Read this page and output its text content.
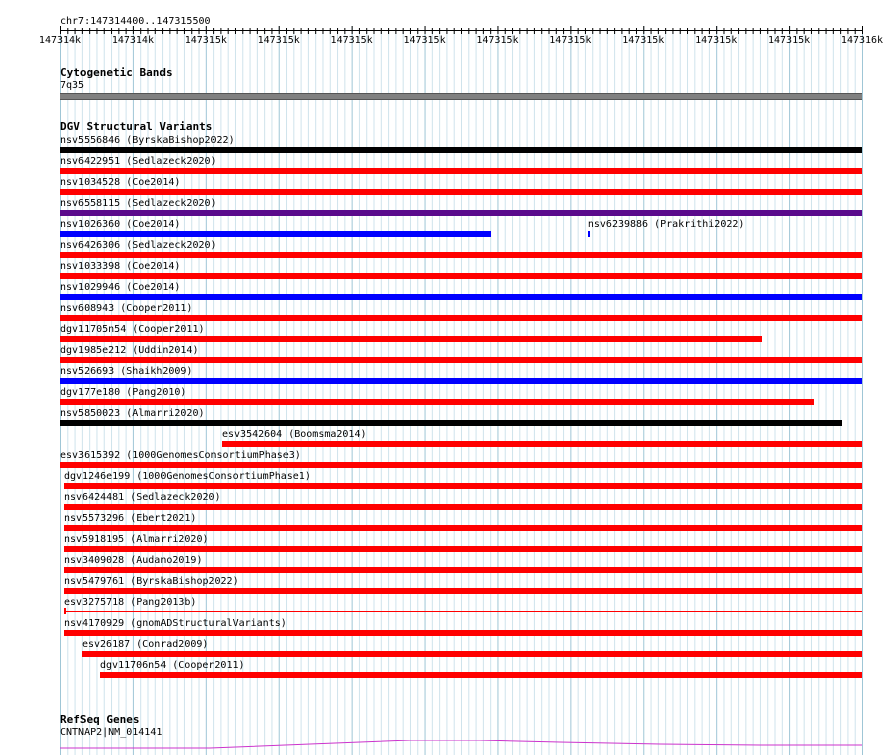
chr7:147314400..147315500
147314k	147314k	147315k	147315k	147315k	147315k	147315k	147315k	147315k	147315k	147315k	147316k
Cytogenetic Bands
7q35
DGV Structural Variants
nsv5556846 (ByrskaBishop2022)
nsv6422951 (Sedlazeck2020)
nsv1034528 (Coe2014)
nsv6558115 (Sedlazeck2020)
nsv1026360 (Coe2014)
nsv6426306 (Sedlazeck2020)
nsv1033398 (Coe2014)
nsv1029946 (Coe2014)
nsv608943 (Cooper2011)
dgv11705n54 (Cooper2011)
dgv1985e212 (Uddin2014)
nsv526693 (Shaikh2009)
dgv177e180 (Pang2010)
nsv5850023 (Almarri2020)
esv3542604 (Boomsma2014)
esv3615392 (1000GenomesConsortiumPhase3)
dgv1246e199 (1000GenomesConsortiumPhase1)
nsv6424481 (Sedlazeck2020)
nsv5573296 (Ebert2021)
nsv5918195 (Almarri2020)
nsv3409028 (Audano2019)
nsv5479761 (ByrskaBishop2022)
esv3275718 (Pang2013b)
nsv4170929 (gnomADStructuralVariants)
esv26187 (Conrad2009)
dgv11706n54 (Cooper2011)
nsv6239886 (Prakrithi2022)
RefSeq Genes
CNTNAP2|NM_014141
